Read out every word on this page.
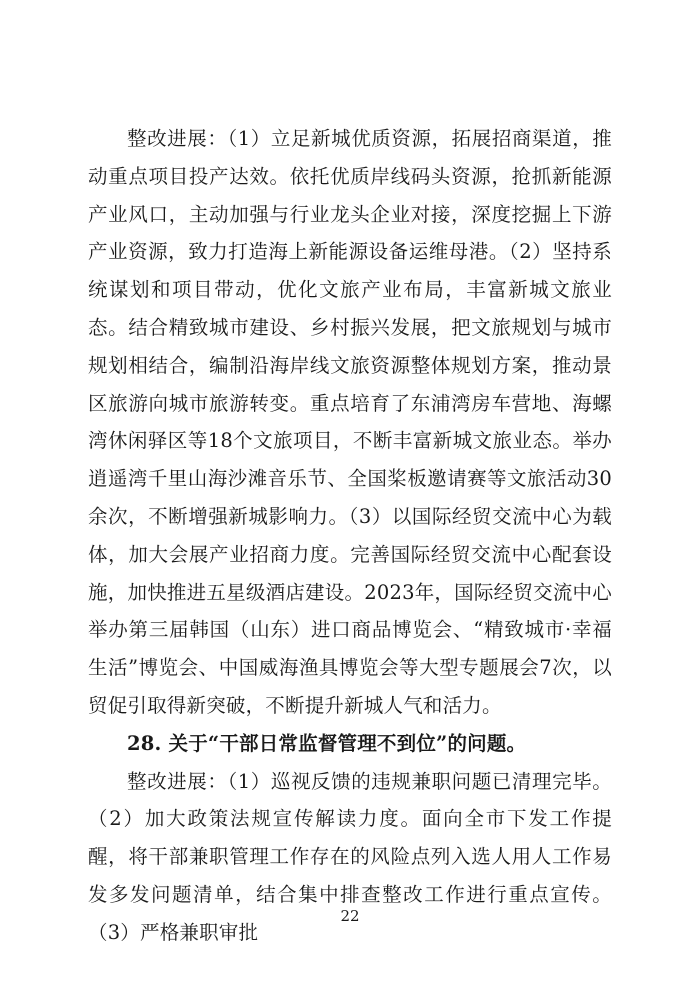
整改进展：（1）立足新城优质资源，拓展招商渠道，推动重点项目投产达效。依托优质岸线码头资源，抢抓新能源产业风口，主动加强与行业龙头企业对接，深度挖掘上下游产业资源，致力打造海上新能源设备运维母港。（2）坚持系统谋划和项目带动，优化文旅产业布局，丰富新城文旅业态。结合精致城市建设、乡村振兴发展，把文旅规划与城市规划相结合，编制沿海岸线文旅资源整体规划方案，推动景区旅游向城市旅游转变。重点培育了东浦湾房车营地、海螺湾休闲驿区等18个文旅项目，不断丰富新城文旅业态。举办逍遥湾千里山海沙滩音乐节、全国桨板邀请赛等文旅活动30余次，不断增强新城影响力。（3）以国际经贸交流中心为载体，加大会展产业招商力度。完善国际经贸交流中心配套设施，加快推进五星级酒店建设。2023年，国际经贸交流中心举办第三届韩国（山东）进口商品博览会、“精致城市·幸福生活”博览会、中国威海渔具博览会等大型专题展会7次，以贸促引取得新突破，不断提升新城人气和活力。

28. 关于“干部日常监督管理不到位”的问题。

整改进展：（1）巡视反馈的违规兼职问题已清理完毕。（2）加大政策法规宣传解读力度。面向全市下发工作提醒，将干部兼职管理工作存在的风险点列入选人用人工作易发多发问题清单，结合集中排查整改工作进行重点宣传。（3）严格兼职审批

22
